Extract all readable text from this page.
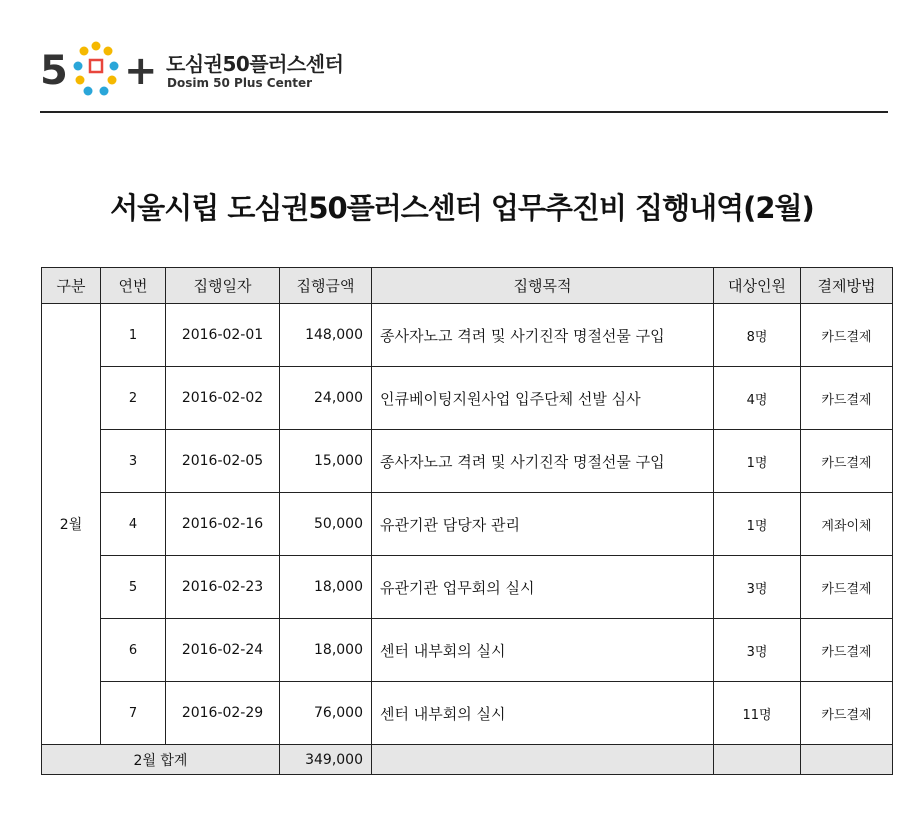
5 + 도심권50플러스센터
Dosim 50 Plus Center
서울시립 도심권50플러스센터 업무추진비 집행내역(2월)
구분	연번	집행일자	집행금액	집행목적	대상인원	결제방법
2월	1	2016-02-01	148,000	종사자노고 격려 및 사기진작 명절선물 구입	8명	카드결제
	2	2016-02-02	24,000	인큐베이팅지원사업 입주단체 선발 심사	4명	카드결제
	3	2016-02-05	15,000	종사자노고 격려 및 사기진작 명절선물 구입	1명	카드결제
	4	2016-02-16	50,000	유관기관 담당자 관리	1명	계좌이체
	5	2016-02-23	18,000	유관기관 업무회의 실시	3명	카드결제
	6	2016-02-24	18,000	센터 내부회의 실시	3명	카드결제
	7	2016-02-29	76,000	센터 내부회의 실시	11명	카드결제
2월 합계			349,000			
